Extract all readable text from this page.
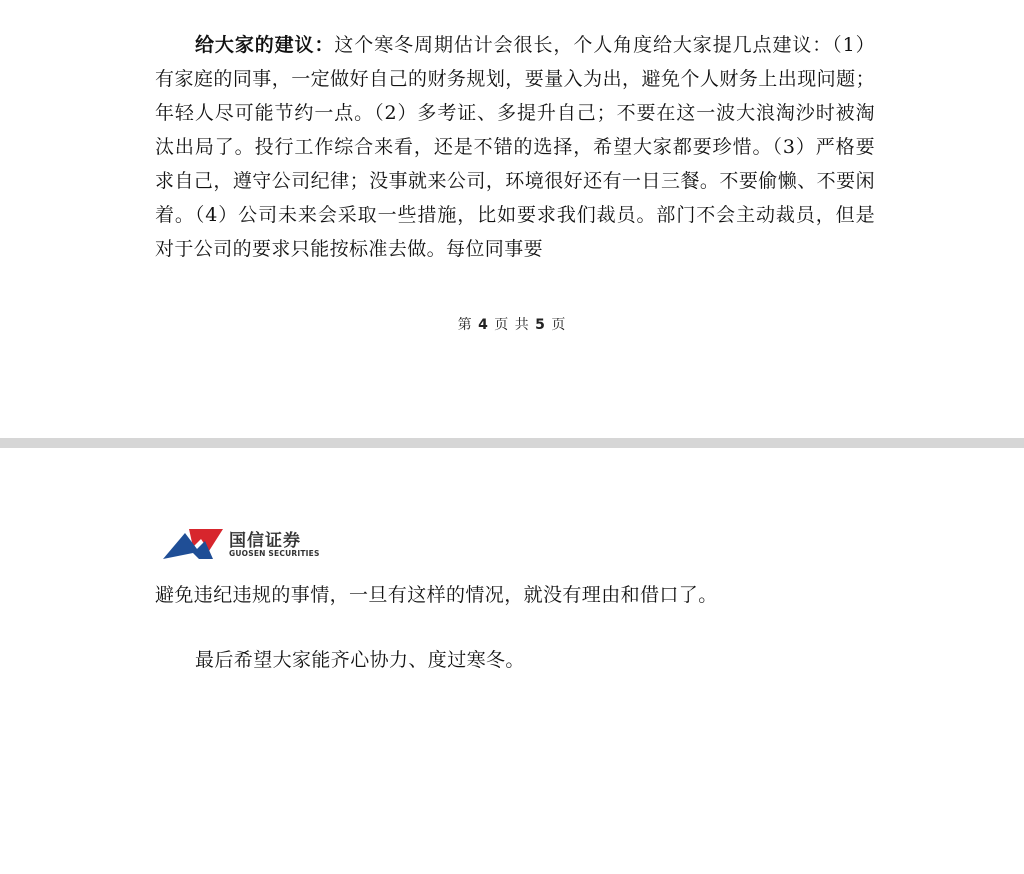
给大家的建议：这个寒冬周期估计会很长，个人角度给大家提几点建议：（1）有家庭的同事，一定做好自己的财务规划，要量入为出，避免个人财务上出现问题；年轻人尽可能节约一点。（2）多考证、多提升自己；不要在这一波大浪淘沙时被淘汰出局了。投行工作综合来看，还是不错的选择，希望大家都要珍惜。（3）严格要求自己，遵守公司纪律；没事就来公司，环境很好还有一日三餐。不要偷懒、不要闲着。（4）公司未来会采取一些措施，比如要求我们裁员。部门不会主动裁员，但是对于公司的要求只能按标准去做。每位同事要

第 4 页 共 5 页
国信证券
GUOSEN SECURITIES

避免违纪违规的事情，一旦有这样的情况，就没有理由和借口了。

最后希望大家能齐心协力、度过寒冬。
